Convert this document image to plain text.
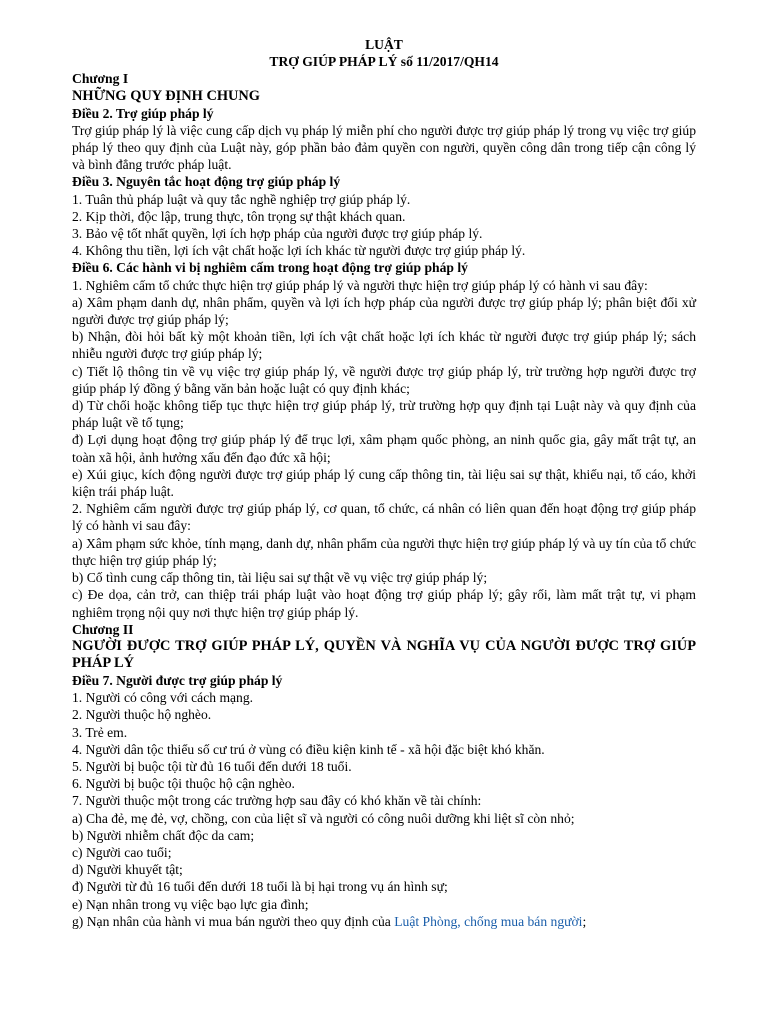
LUẬT

TRỢ GIÚP PHÁP LÝ số 11/2017/QH14

Chương I

NHỮNG QUY ĐỊNH CHUNG

Điều 2. Trợ giúp pháp lý

Trợ giúp pháp lý là việc cung cấp dịch vụ pháp lý miễn phí cho người được trợ giúp pháp lý trong vụ việc trợ giúp pháp lý theo quy định của Luật này, góp phần bảo đảm quyền con người, quyền công dân trong tiếp cận công lý và bình đẳng trước pháp luật.

Điều 3. Nguyên tắc hoạt động trợ giúp pháp lý

1. Tuân thủ pháp luật và quy tắc nghề nghiệp trợ giúp pháp lý.

2. Kịp thời, độc lập, trung thực, tôn trọng sự thật khách quan.

3. Bảo vệ tốt nhất quyền, lợi ích hợp pháp của người được trợ giúp pháp lý.

4. Không thu tiền, lợi ích vật chất hoặc lợi ích khác từ người được trợ giúp pháp lý.

Điều 6. Các hành vi bị nghiêm cấm trong hoạt động trợ giúp pháp lý

1. Nghiêm cấm tổ chức thực hiện trợ giúp pháp lý và người thực hiện trợ giúp pháp lý có hành vi sau đây:

a) Xâm phạm danh dự, nhân phẩm, quyền và lợi ích hợp pháp của người được trợ giúp pháp lý; phân biệt đối xử người được trợ giúp pháp lý;

b) Nhận, đòi hỏi bất kỳ một khoản tiền, lợi ích vật chất hoặc lợi ích khác từ người được trợ giúp pháp lý; sách nhiễu người được trợ giúp pháp lý;

c) Tiết lộ thông tin về vụ việc trợ giúp pháp lý, về người được trợ giúp pháp lý, trừ trường hợp người được trợ giúp pháp lý đồng ý bằng văn bản hoặc luật có quy định khác;

d) Từ chối hoặc không tiếp tục thực hiện trợ giúp pháp lý, trừ trường hợp quy định tại Luật này và quy định của pháp luật về tố tụng;

đ) Lợi dụng hoạt động trợ giúp pháp lý để trục lợi, xâm phạm quốc phòng, an ninh quốc gia, gây mất trật tự, an toàn xã hội, ảnh hưởng xấu đến đạo đức xã hội;

e) Xúi giục, kích động người được trợ giúp pháp lý cung cấp thông tin, tài liệu sai sự thật, khiếu nại, tố cáo, khởi kiện trái pháp luật.

2. Nghiêm cấm người được trợ giúp pháp lý, cơ quan, tổ chức, cá nhân có liên quan đến hoạt động trợ giúp pháp lý có hành vi sau đây:

a) Xâm phạm sức khỏe, tính mạng, danh dự, nhân phẩm của người thực hiện trợ giúp pháp lý và uy tín của tổ chức thực hiện trợ giúp pháp lý;

b) Cố tình cung cấp thông tin, tài liệu sai sự thật về vụ việc trợ giúp pháp lý;

c) Đe dọa, cản trở, can thiệp trái pháp luật vào hoạt động trợ giúp pháp lý; gây rối, làm mất trật tự, vi phạm nghiêm trọng nội quy nơi thực hiện trợ giúp pháp lý.

Chương II

NGƯỜI ĐƯỢC TRỢ GIÚP PHÁP LÝ, QUYỀN VÀ NGHĨA VỤ CỦA NGƯỜI ĐƯỢC TRỢ GIÚP PHÁP LÝ

Điều 7. Người được trợ giúp pháp lý

1. Người có công với cách mạng.

2. Người thuộc hộ nghèo.

3. Trẻ em.

4. Người dân tộc thiểu số cư trú ở vùng có điều kiện kinh tế - xã hội đặc biệt khó khăn.

5. Người bị buộc tội từ đủ 16 tuổi đến dưới 18 tuổi.

6. Người bị buộc tội thuộc hộ cận nghèo.

7. Người thuộc một trong các trường hợp sau đây có khó khăn về tài chính:

a) Cha đẻ, mẹ đẻ, vợ, chồng, con của liệt sĩ và người có công nuôi dưỡng khi liệt sĩ còn nhỏ;

b) Người nhiễm chất độc da cam;

c) Người cao tuổi;

d) Người khuyết tật;

đ) Người từ đủ 16 tuổi đến dưới 18 tuổi là bị hại trong vụ án hình sự;

e) Nạn nhân trong vụ việc bạo lực gia đình;

g) Nạn nhân của hành vi mua bán người theo quy định của Luật Phòng, chống mua bán người;
